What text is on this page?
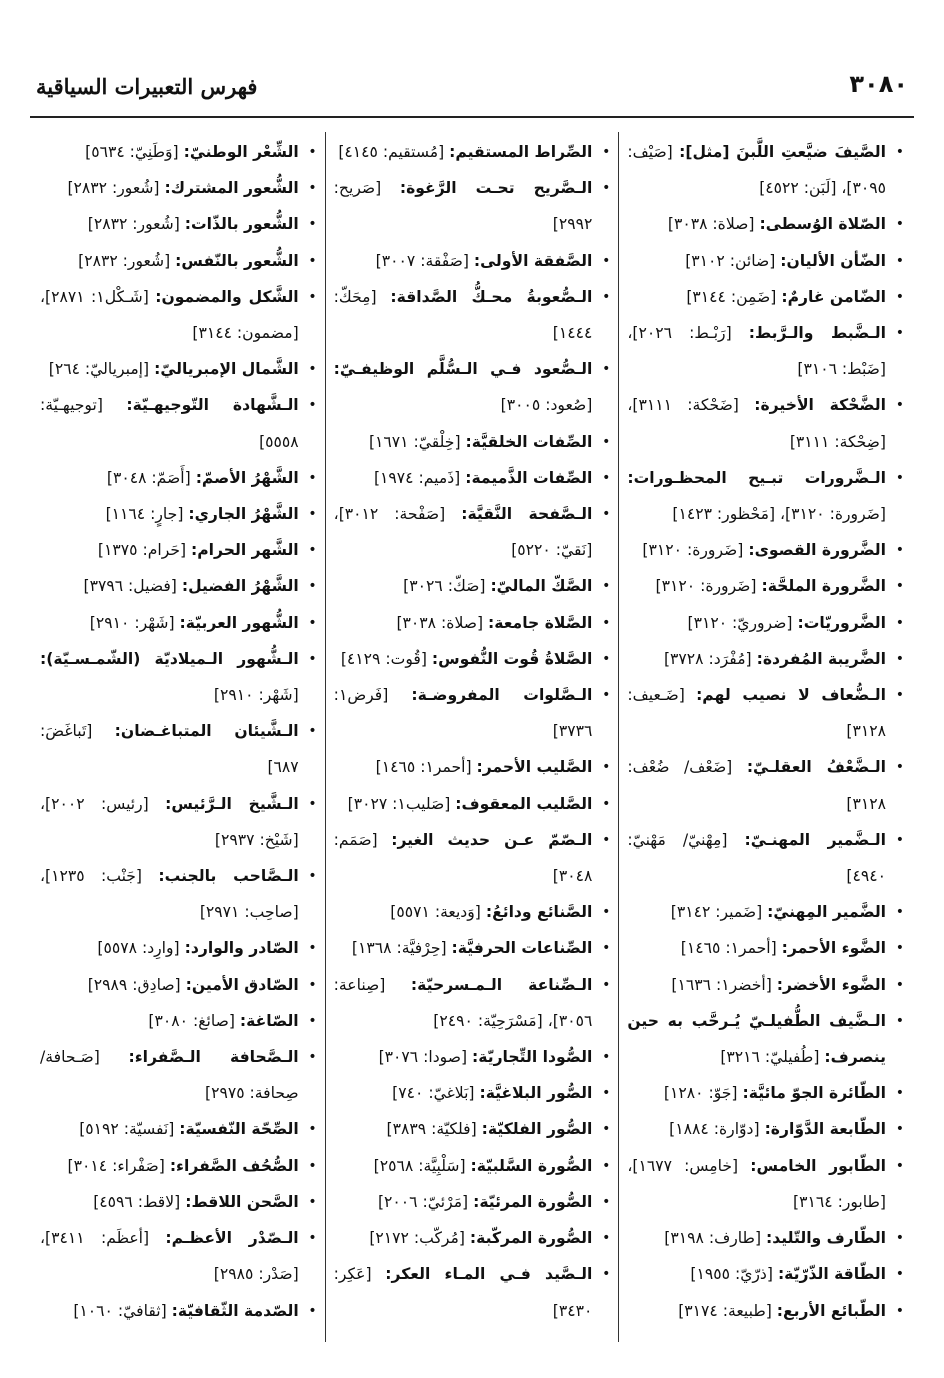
٣٠٨٠
فهرس التعبيرات السياقية
• الشِّعْر الوطنيّ: [وَطَنِيّ: ٥٦٣٤]
• الشُّعور المشترك: [شُعور: ٢٨٣٢]
• الشُّعور بالذّات: [شُعور: ٢٨٣٢]
• الشُّعور بالنّفس: [شُعور: ٢٨٣٢]
• الشَّكل والمضمون: [شَـكْل١: ٢٨٧١]، [مضمون: ٣١٤٤]
• الشَّمال الإمبرياليّ: [إمبرياليّ: ٢٦٤]
• الـشَّهادة التّوجيهـيّة: [توجيهـيّة: ٥٥٥٨]
• الشَّهْرُ الأصمّ: [أَصَمّ: ٣٠٤٨]
• الشَّهْرُ الجاري: [جارٍ: ١١٦٤]
• الشَّهر الحرام: [حَرام: ١٣٧٥]
• الشَّهْرُ الفضيل: [فضيل: ٣٧٩٦]
• الشُّهور العربيّة: [شَهْر: ٢٩١٠]
• الـشُّهور الـميلاديّة (الشّمـسـيّة): [شَهْر: ٢٩١٠]
• الـشَّيئان المتباغـضان: [تَباغَضَ: ٦٨٧]
• الـشَّيخ الـرَّئيس: [رئيس: ٢٠٠٢]، [شَيْخ: ٢٩٣٧]
• الـصَّاحب بالجنب: [جَنْب: ١٢٣٥]، [صاحِب: ٢٩٧١]
• الصّادر والوارد: [وارِد: ٥٥٧٨]
• الصّادق الأمين: [صادِق: ٢٩٨٩]
• الصّاغة: [صائغ: ٣٠٨٠]
• الـصَّحافة الـصَّفراء: [صَـحافة/ صِحافة: ٢٩٧٥]
• الصِّحّة النّفسيّة: [نَفسيّة: ٥١٩٢]
• الصُّحُف الصَّفراء: [صَفْراء: ٣٠١٤]
• الصَّحن اللاقط: [لاقط: ٤٥٩٦]
• الـصّدْر الأعظـم: [أعظَم: ٣٤١١]، [صَدْر: ٢٩٨٥]
• الصّدمة الثّقافيّة: [ثقافيّ: ١٠٦٠]
• الصِّراط المستقيم: [مُستقيم: ٤١٤٥]
• الـصَّريح تحـت الرَّغوة: [صَريح: ٢٩٩٢]
• الصَّفقة الأولى: [صَفْقة: ٣٠٠٧]
• الـصُّعوبةُ محـكُّ الصَّداقة: [مِحَكّ: ١٤٤٤]
• الـصُّعود فـي الـسُّلَّم الوظيفـيّ: [صُعود: ٣٠٠٥]
• الصِّفات الخلقيَّة: [خِلْقيّ: ١٦٧١]
• الصِّفات الذَّميمة: [ذَميم: ١٩٧٤]
• الـصَّفحة النَّقيَّة: [صَفْحة: ٣٠١٢]، [نَقيّ: ٥٢٢٠]
• الصَّكّ الماليّ: [صَكّ: ٣٠٢٦]
• الصَّلاة جامعة: [صلاة: ٣٠٣٨]
• الصَّلاةُ قُوت النُّفوس: [قُوت: ٤١٢٩]
• الـصَّلوات المفروضـة: [فَرض١: ٣٧٣٦]
• الصَّليب الأحمر: [أحمر١: ١٤٦٥]
• الصَّليب المعقوف: [صَليب١: ٣٠٢٧]
• الـصّمّ عـن حديث الغير: [صَمَم: ٣٠٤٨]
• الصَّنائع ودائعُ: [وَديعة: ٥٥٧١]
• الصِّناعات الحرفيَّة: [حِرْفيَّة: ١٣٦٨]
• الـصِّناعة الـمـسرحيّة: [صِناعة: ٣٠٥٦]، [مَسْرَحِيّة: ٢٤٩٠]
• الصُّودا التِّجاريّة: [صودا: ٣٠٧٦]
• الصُّور البلاغيَّة: [بَلاغيّ: ٧٤٠]
• الصُّور الفلكيّة: [فلكيّة: ٣٨٣٩]
• الصُّورة السَّلبيّة: [سَلْبِيَّة: ٢٥٦٨]
• الصُّورة المرئيّة: [مَرْئيّ: ٢٠٠٦]
• الصُّورة المركّبة: [مُركّب: ٢١٧٢]
• الـصَّيد فـي المـاء العكر: [عَكِر: ٣٤٣٠]
• الصَّيفَ ضيَّعتِ اللَّبنَ [مثل]: [صَيْف: ٣٠٩٥]، [لَبَن: ٤٥٢٢]
• الصّلاة الوُسطى: [صلاة: ٣٠٣٨]
• الضّأن الأليان: [ضائن: ٣١٠٢]
• الضّامن غارمٌ: [ضَمِن: ٣١٤٤]
• الـضَّبط والـرَّبط: [رَبْـط: ٢٠٢٦]، [ضَبْط: ٣١٠٦]
• الضَّحْكة الأخيرة: [ضَحْكة: ٣١١١]، [ضِحْكة: ٣١١١]
• الـضَّرورات تبـيح المحظـورات: [ضَرورة: ٣١٢٠]، [مَحْظور: ١٤٢٣]
• الضَّرورة القصوى: [ضَرورة: ٣١٢٠]
• الضَّرورة الملحَّة: [ضَرورة: ٣١٢٠]
• الضَّروريّات: [ضروريّ: ٣١٢٠]
• الضَّريبة المُفردة: [مُفْرَد: ٣٧٢٨]
• الـضُّعاف لا نصيب لهم: [ضَـعيف: ٣١٢٨]
• الـضَّعْفُ العقلـيّ: [ضَعْف/ ضُعْف: ٣١٢٨]
• الـضَّمير المهنـيّ: [مِهْنيّ/ مَهْنيّ: ٤٩٤٠]
• الضَّمير المِهنيّ: [ضَمير: ٣١٤٢]
• الضَّوء الأحمر: [أحمر١: ١٤٦٥]
• الضَّوء الأخضر: [أخضر١: ١٦٣٦]
• الـضَّيف الطُّفيلـيّ يُـرحَّب به حين ينصرف: [طُفيليّ: ٣٢١٦]
• الطّائرة الجوّ مائيَّة: [جَوّ: ١٢٨٠]
• الطّابعة الدَّوّارة: [دوّارة: ١٨٨٤]
• الطّابور الخامس: [خامِس: ١٦٧٧]، [طابور: ٣١٦٤]
• الطّارف والتّليد: [طارف: ٣١٩٨]
• الطّاقة الذّرّيّة: [ذرّيّ: ١٩٥٥]
• الطّبائع الأربع: [طبيعة: ٣١٧٤]
